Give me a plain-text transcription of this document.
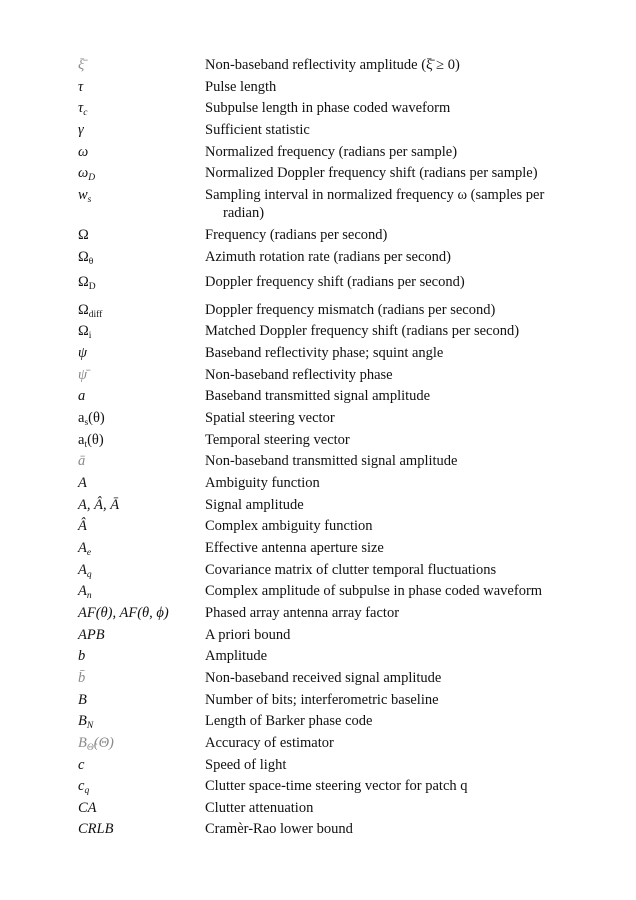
ξ̄	Non-baseband reflectivity amplitude (ξ̄ ≥ 0)
τ	Pulse length
$\tau_c$	Subpulse length in phase coded waveform
γ	Sufficient statistic
ω	Normalized frequency (radians per sample)
$\omega_D$	Normalized Doppler frequency shift (radians per sample)
$w_s$	Sampling interval in normalized frequency ω (samples per
radian)
Ω	Frequency (radians per second)
$\Omega_\theta$	Azimuth rotation rate (radians per second)
$\Omega_D$	Doppler frequency shift (radians per second)
$\Omega_{diff}$	Doppler frequency mismatch (radians per second)
$\Omega_i$	Matched Doppler frequency shift (radians per second)
ψ	Baseband reflectivity phase; squint angle
ψ̄	Non-baseband reflectivity phase
a	Baseband transmitted signal amplitude
$a_s(\theta)$	Spatial steering vector
$a_t(\theta)$	Temporal steering vector
ā	Non-baseband transmitted signal amplitude
A	Ambiguity function
A, Â, Ā	Signal amplitude
Â	Complex ambiguity function
$A_e$	Effective antenna aperture size
$A_q$	Covariance matrix of clutter temporal fluctuations
$A_n$	Complex amplitude of subpulse in phase coded waveform
AF(θ), AF(θ, ϕ)	Phased array antenna array factor
APB	A priori bound
b	Amplitude
b̄	Non-baseband received signal amplitude
B	Number of bits; interferometric baseline
$B_N$	Length of Barker phase code
$B_{\Thetâ}(\Theta)$	Accuracy of estimator
c	Speed of light
$c_q$	Clutter space-time steering vector for patch q
CA	Clutter attenuation
CRLB	Cramèr-Rao lower bound
